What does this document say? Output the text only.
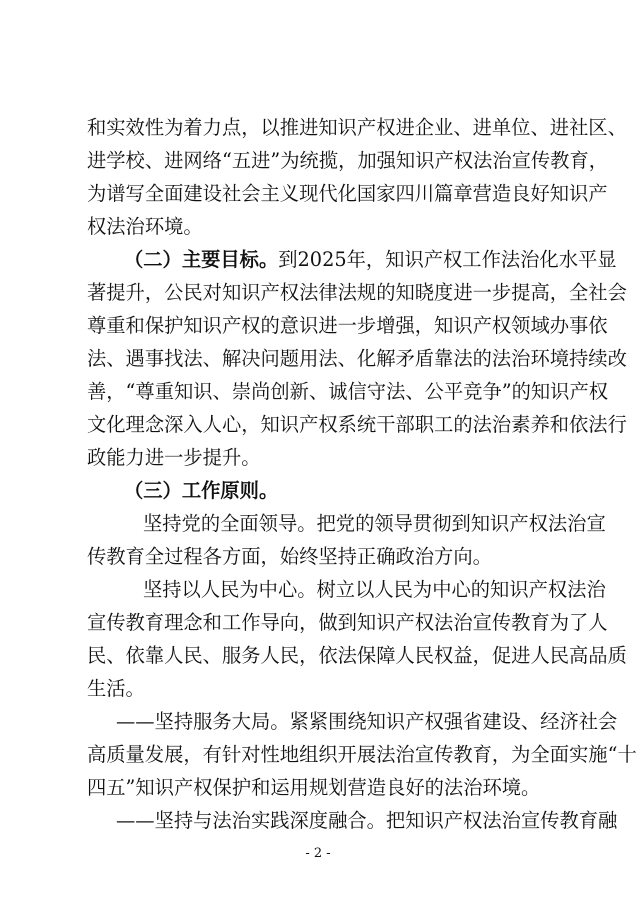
和实效性为着力点，以推进知识产权进企业、进单位、进社区、
进学校、进网络“五进”为统揽，加强知识产权法治宣传教育，
为谱写全面建设社会主义现代化国家四川篇章营造良好知识产
权法治环境。
（二）主要目标。 到2025年，知识产权工作法治化水平显
著提升，公民对知识产权法律法规的知晓度进一步提高，全社会
尊重和保护知识产权的意识进一步增强，知识产权领域办事依
法、遇事找法、解决问题用法、化解矛盾靠法的法治环境持续改
善，“尊重知识、崇尚创新、诚信守法、公平竞争”的知识产权
文化理念深入人心，知识产权系统干部职工的法治素养和依法行
政能力进一步提升。
（三）工作原则。
坚持党的全面领导。把党的领导贯彻到知识产权法治宣
传教育全过程各方面，始终坚持正确政治方向。
坚持以人民为中心。树立以人民为中心的知识产权法治
宣传教育理念和工作导向，做到知识产权法治宣传教育为了人
民、依靠人民、服务人民，依法保障人民权益，促进人民高品质
生活。
——坚持服务大局。紧紧围绕知识产权强省建设、经济社会
高质量发展，有针对性地组织开展法治宣传教育，为全面实施“十
四五”知识产权保护和运用规划营造良好的法治环境。
——坚持与法治实践深度融合。把知识产权法治宣传教育融
- 2 -
